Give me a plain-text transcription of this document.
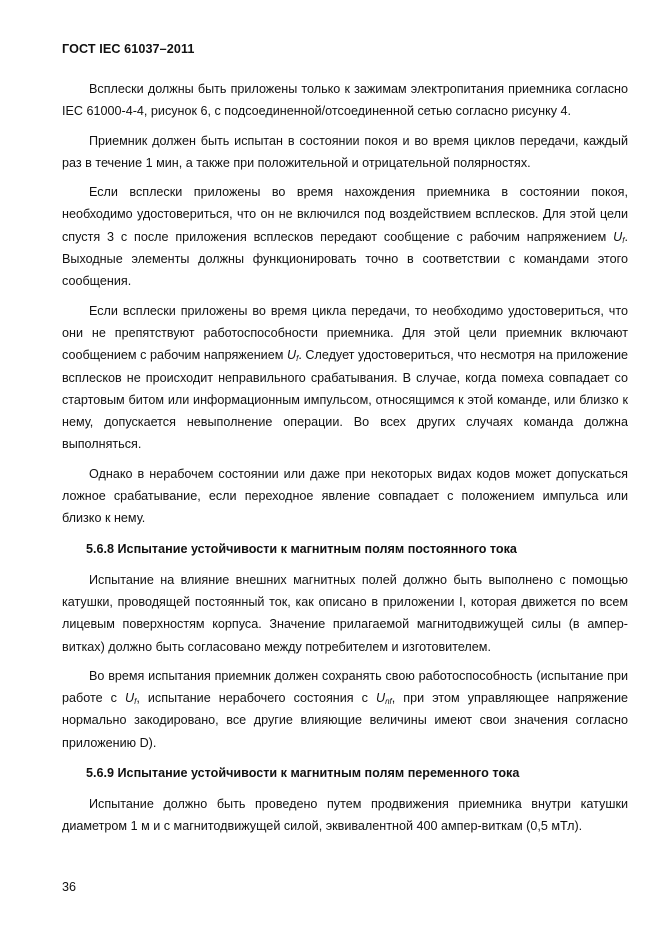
ГОСТ IEC 61037–2011

Всплески должны быть приложены только к зажимам электропитания приемника согласно IEC 61000-4-4, рисунок 6, с подсоединенной/отсоединенной сетью согласно рисунку 4.

Приемник должен быть испытан в состоянии покоя и во время циклов передачи, каждый раз в течение 1 мин, а также при положительной и отрицательной полярностях.

Если всплески приложены во время нахождения приемника в состоянии покоя, необходимо удостовериться, что он не включился под воздействием всплесков. Для этой цели спустя 3 с после приложения всплесков передают сообщение с рабочим напряжением $U_f$. Выходные элементы должны функционировать точно в соответствии с командами этого сообщения.

Если всплески приложены во время цикла передачи, то необходимо удостовериться, что они не препятствуют работоспособности приемника. Для этой цели приемник включают сообщением с рабочим напряжением $U_f$. Следует удостовериться, что несмотря на приложение всплесков не происходит неправильного срабатывания. В случае, когда помеха совпадает со стартовым битом или информационным импульсом, относящимся к этой команде, или близко к нему, допускается невыполнение операции. Во всех других случаях команда должна выполняться.

Однако в нерабочем состоянии или даже при некоторых видах кодов может допускаться ложное срабатывание, если переходное явление совпадает с положением импульса или близко к нему.

5.6.8 Испытание устойчивости к магнитным полям постоянного тока

Испытание на влияние внешних магнитных полей должно быть выполнено с помощью катушки, проводящей постоянный ток, как описано в приложении I, которая движется по всем лицевым поверхностям корпуса. Значение прилагаемой магнитодвижущей силы (в ампер-витках) должно быть согласовано между потребителем и изготовителем.

Во время испытания приемник должен сохранять свою работоспособность (испытание при работе с $U_f$, испытание нерабочего состояния с $U_{nf}$, при этом управляющее напряжение нормально закодировано, все другие влияющие величины имеют свои значения согласно приложению D).

5.6.9 Испытание устойчивости к магнитным полям переменного тока

Испытание должно быть проведено путем продвижения приемника внутри катушки диаметром 1 м и с магнитодвижущей силой, эквивалентной 400 ампер-виткам (0,5 мТл).

36
